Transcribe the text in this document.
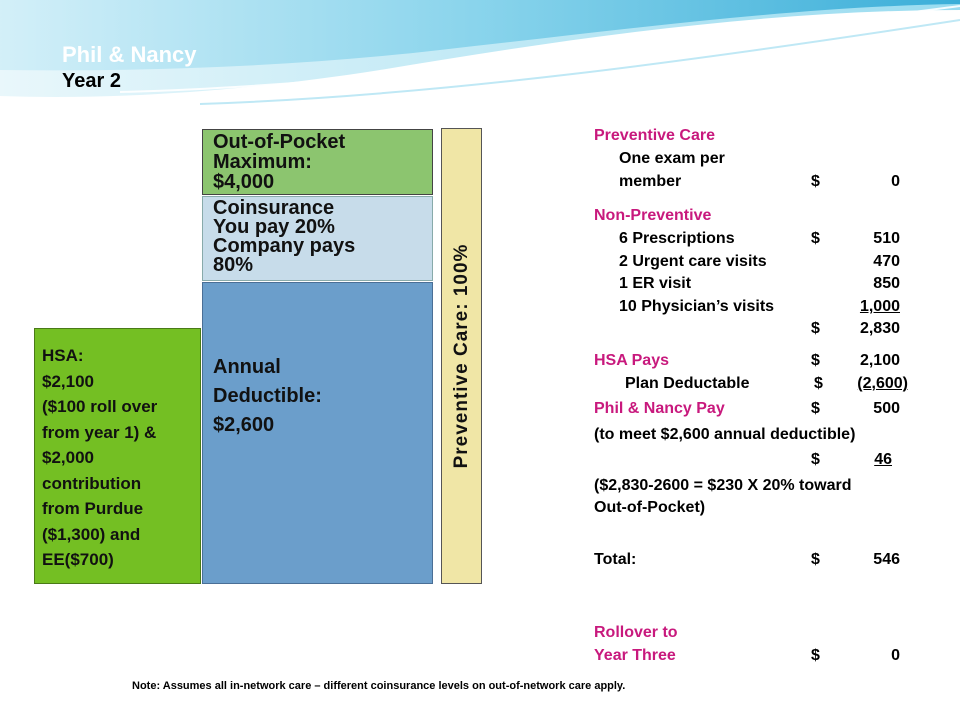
Phil & Nancy
Year 2
Out-of-Pocket
Maximum:
$4,000
Coinsurance
You pay 20%
Company pays
80%
Annual
Deductible:
$2,600
HSA:
$2,100
($100 roll over
from year 1) &
$2,000
contribution
from Purdue
($1,300) and
EE($700)
Preventive Care: 100%
Preventive Care
One exam per
member	$	0
Non-Preventive
6 Prescriptions	$	510
2 Urgent care visits	470
1 ER visit	850
10 Physician’s visits	1,000
$	2,830
HSA Pays	$	2,100
Plan Deductable	$ (2,600)
Phil & Nancy Pay	$	500
(to meet $2,600 annual deductible)
$	46
($2,830-2600 = $230 X 20% toward
Out-of-Pocket)
Total:	$	546
Rollover to
Year Three	$	0
Note: Assumes all in-network care – different coinsurance levels on out-of-network care apply.
